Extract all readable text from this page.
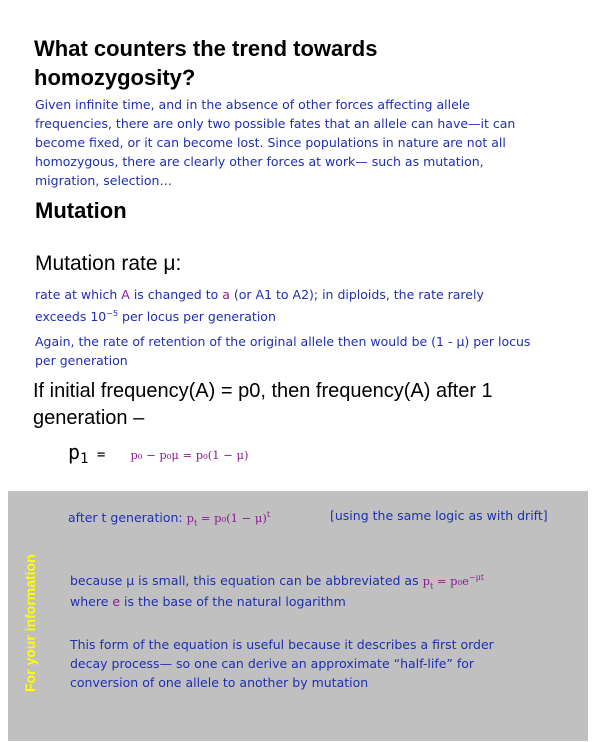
What counters the trend towards
homozygosity?
Given infinite time, and in the absence of other forces affecting allele
frequencies, there are only two possible fates that an allele can have—it can
become fixed, or it can become lost. Since populations in nature are not all
homozygous, there are clearly other forces at work— such as mutation,
migration, selection…
Mutation
Mutation rate μ:
rate at which A is changed to a (or A1 to A2); in diploids, the rate rarely
exceeds $10^{-5}$ per locus per generation
Again, the rate of retention of the original allele then would be (1 - μ) per locus
per generation
If initial frequency(A) = p0, then frequency(A) after 1
generation –
$p_1 = p_0 - p_0\mu = p_0(1 - \mu)$
For your information
after t generation: $p_t = p_0(1 - \mu)^t$	[using the same logic as with drift]
because μ is small, this equation can be abbreviated as $p_t = p_0e^{-\mu t}$
where e is the base of the natural logarithm
This form of the equation is useful because it describes a first order
decay process— so one can derive an approximate “half-life” for
conversion of one allele to another by mutation
